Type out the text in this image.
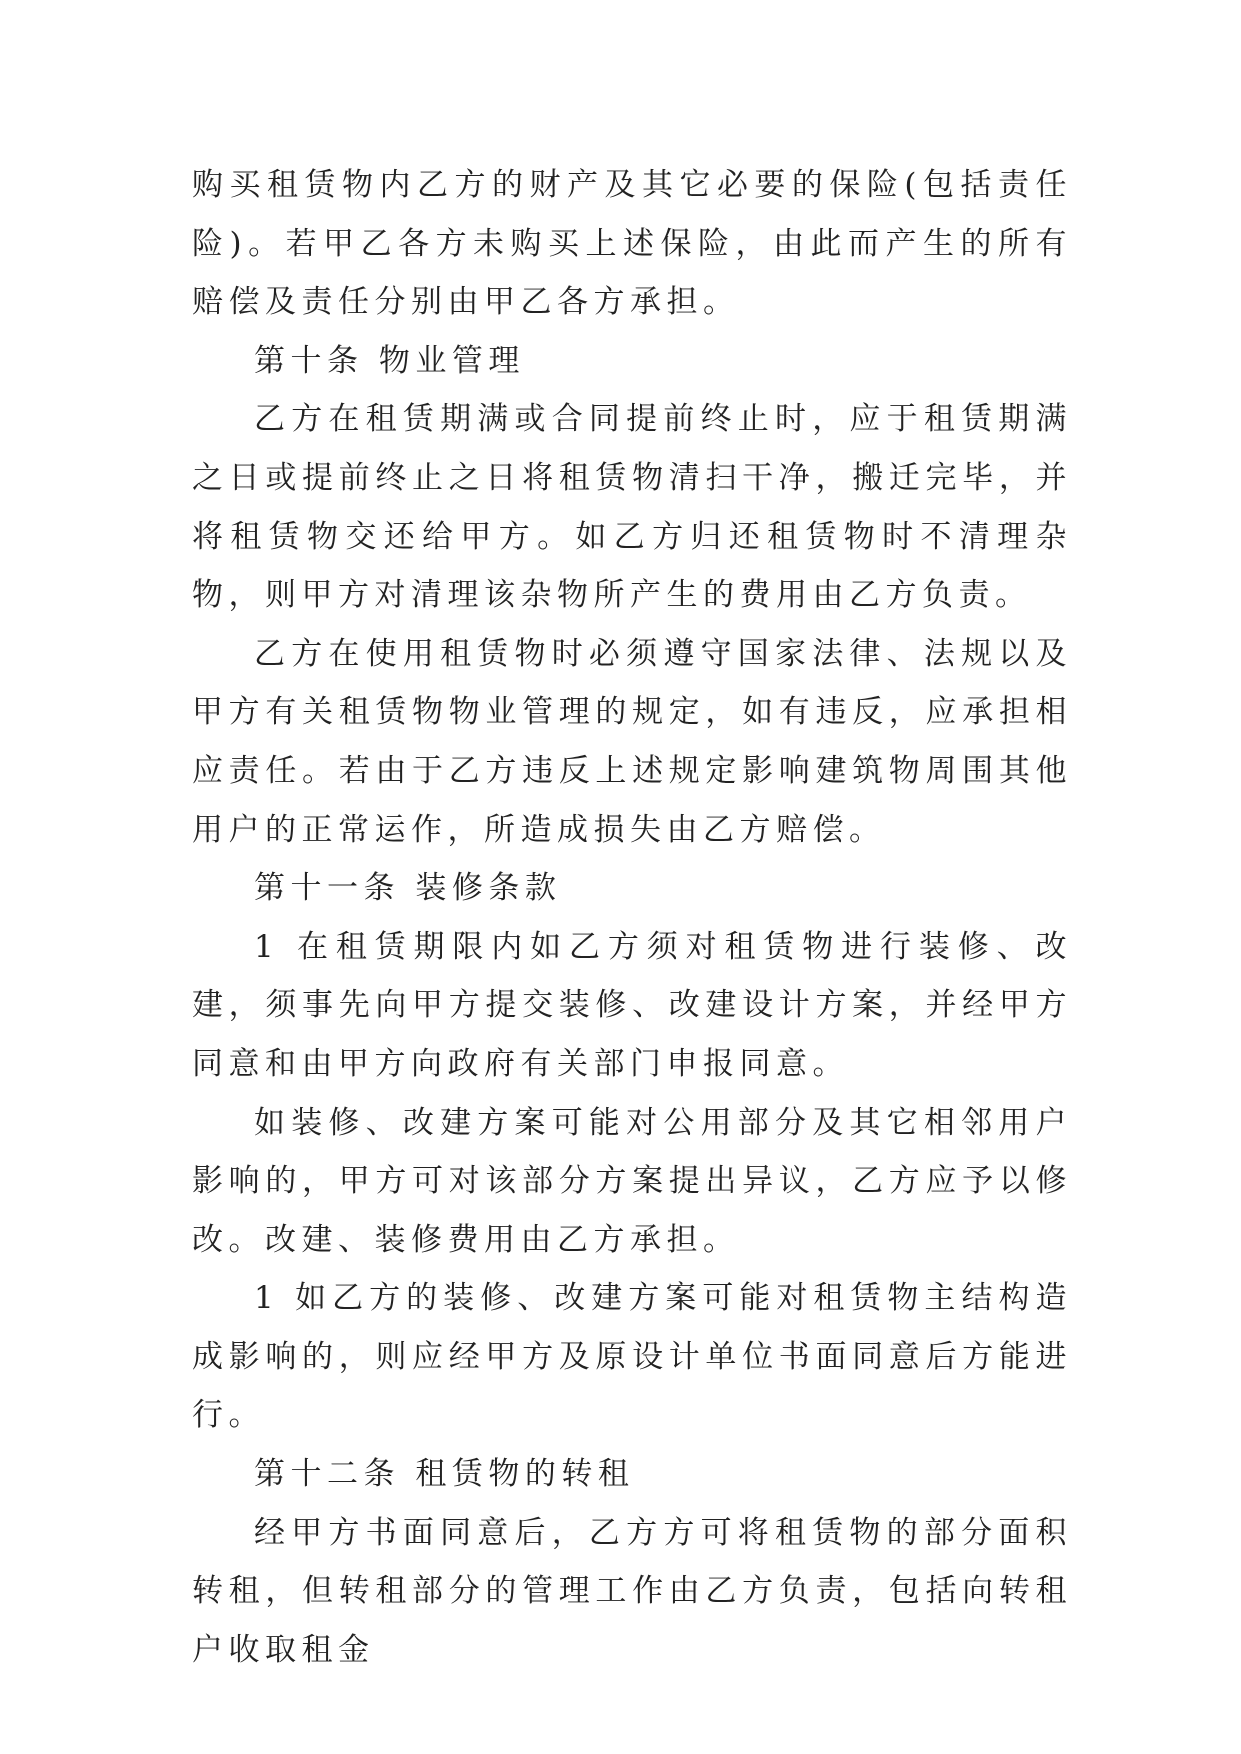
购买租赁物内乙方的财产及其它必要的保险(包括责任险)。若甲乙各方未购买上述保险，由此而产生的所有赔偿及责任分别由甲乙各方承担。

第十条 物业管理

乙方在租赁期满或合同提前终止时，应于租赁期满之日或提前终止之日将租赁物清扫干净，搬迁完毕，并将租赁物交还给甲方。如乙方归还租赁物时不清理杂物，则甲方对清理该杂物所产生的费用由乙方负责。

乙方在使用租赁物时必须遵守国家法律、法规以及甲方有关租赁物物业管理的规定，如有违反，应承担相应责任。若由于乙方违反上述规定影响建筑物周围其他用户的正常运作，所造成损失由乙方赔偿。

第十一条 装修条款

1 在租赁期限内如乙方须对租赁物进行装修、改建，须事先向甲方提交装修、改建设计方案，并经甲方同意和由甲方向政府有关部门申报同意。

如装修、改建方案可能对公用部分及其它相邻用户影响的，甲方可对该部分方案提出异议，乙方应予以修改。改建、装修费用由乙方承担。

1 如乙方的装修、改建方案可能对租赁物主结构造成影响的，则应经甲方及原设计单位书面同意后方能进行。

第十二条 租赁物的转租

经甲方书面同意后，乙方方可将租赁物的部分面积转租，但转租部分的管理工作由乙方负责，包括向转租户收取租金
